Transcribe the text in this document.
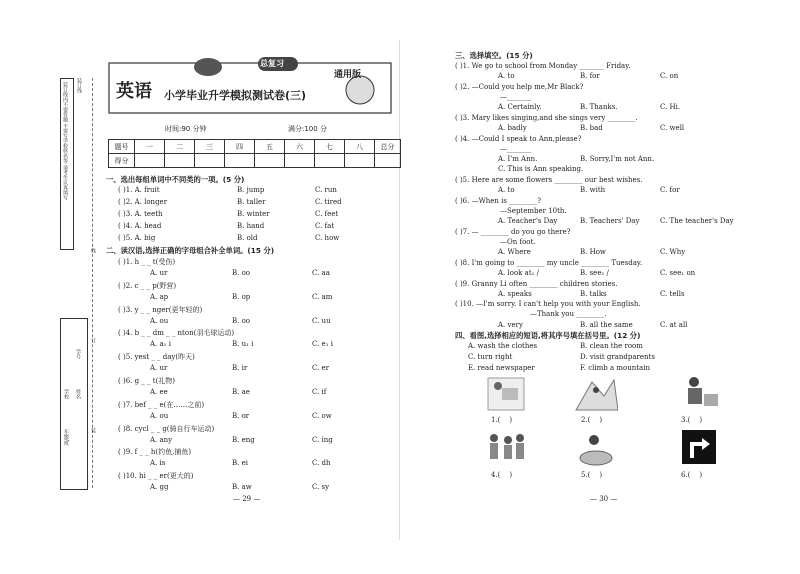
装订线内不要答题 不要写学校姓名等 请考生认真填写 装订线
学校
年级/班
学号
姓名
线
订
装
总复习
英语
通用版
小学毕业升学模拟测试卷(三)
时间:90 分钟	满分:100 分
题号	一	二	三	四	五	六	七	八	总分
得分									
一、选出每组单词中不同类的一项。(5 分)
( )1. A. fruit	B. jump	C. run
( )2. A. longer	B. taller	C. tired
( )3. A. teeth	B. winter	C. feet
( )4. A. head	B. hand	C. fat
( )5. A. big	B. old	C. how
二、读汉语,选择正确的字母组合补全单词。(15 分)
( )1. h _ _ t(受伤)
A. ur	B. oo	C. aa
( )2. c _ _ p(野营)
A. ap	B. op	C. am
( )3. y _ _ nger(更年轻的)
A. ou	B. oo	C. uu
( )4. b _ _ dm _ _ nton(羽毛球运动)
A. a₁ i	B. u₁ i	C. e₁ i
( )5. yest _ _ day(昨天)
A. ur	B. ir	C. er
( )6. g _ _ t(礼物)
A. ee	B. ae	C. if
( )7. bef _ _ e(在……之前)
A. ou	B. or	C. ow
( )8. cycl _ _ g(骑自行车运动)
A. any	B. eng	C. ing
( )9. f _ _ h(钓鱼,捕鱼)
A. is	B. ei	C. dh
( )10. hi _ _ er(更大的)
A. gg	B. aw	C. sy
— 29 —
三、选择填空。(15 分)
( )1. We go to school from Monday _______ Friday.
A. to	B. for	C. on
( )2. —Could you help me,Mr Black?
—_______
A. Certainly.	B. Thanks.	C. Hi.
( )3. Mary likes singing,and she sings very ________.
A. badly	B. bad	C. well
( )4. —Could I speak to Ann,please?
—_______
A. I'm Ann.	B. Sorry,I'm not Ann.
C. This is Ann speaking.
( )5. Here are some flowers ________ our best wishes.
A. to	B. with	C. for
( )6. —When is ________?
—September 10th.
A. Teacher's Day	B. Teachers' Day	C. The teacher's Day
( )7. — ________ do you go there?
—On foot.
A. Where	B. How	C. Why
( )8. I'm going to ________ my uncle ________ Tuesday.
A. look at₁ /	B. see₁ /	C. see₁ on
( )9. Granny Li often ________ children stories.
A. speaks	B. talks	C. tells
( )10. —I'm sorry. I can't help you with your English.
—Thank you ________.
A. very	B. all the same	C. at all
四、看图,选择相应的短语,将其序号填在括号里。(12 分)
A. wash the clothes	B. clean the room
C. turn right	D. visit grandparents
E. read newspaper	F. climb a mountain
1.( )	2.( )	3.( )
4.( )	5.( )	6.( )
— 30 —
